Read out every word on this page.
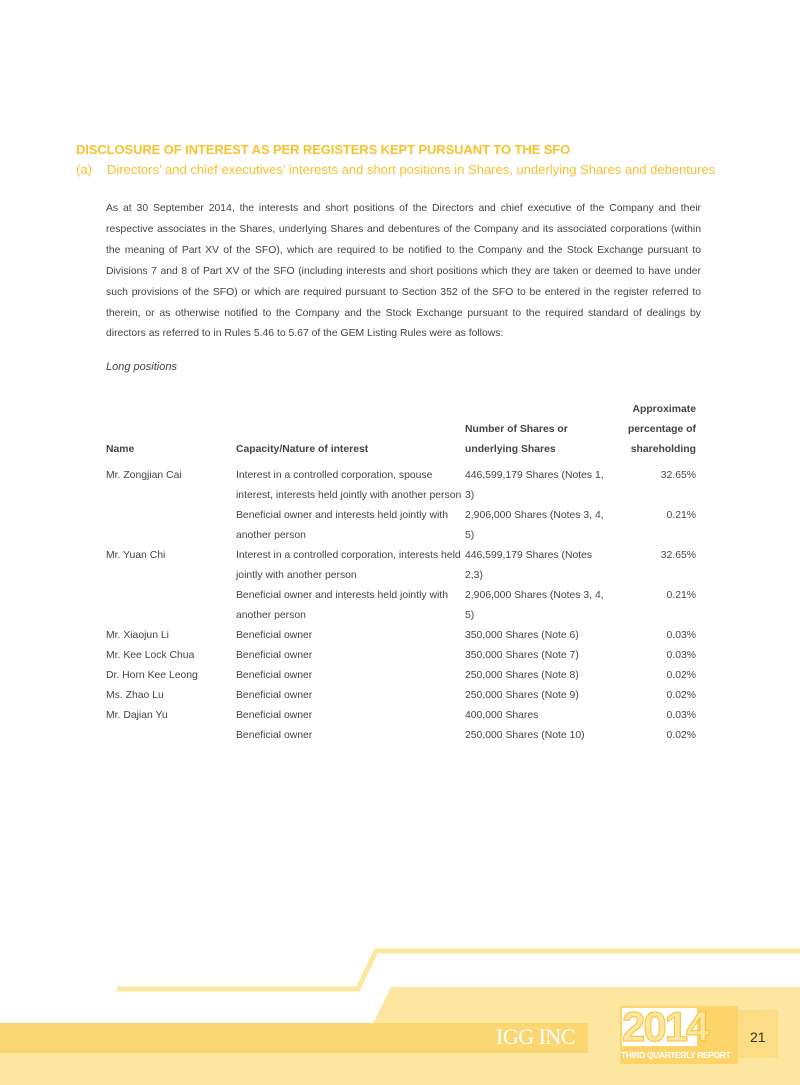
DISCLOSURE OF INTEREST AS PER REGISTERS KEPT PURSUANT TO THE SFO
(a) Directors’ and chief executives’ interests and short positions in Shares, underlying Shares and debentures
As at 30 September 2014, the interests and short positions of the Directors and chief executive of the Company and their respective associates in the Shares, underlying Shares and debentures of the Company and its associated corporations (within the meaning of Part XV of the SFO), which are required to be notified to the Company and the Stock Exchange pursuant to Divisions 7 and 8 of Part XV of the SFO (including interests and short positions which they are taken or deemed to have under such provisions of the SFO) or which are required pursuant to Section 352 of the SFO to be entered in the register referred to therein, or as otherwise notified to the Company and the Stock Exchange pursuant to the required standard of dealings by directors as referred to in Rules 5.46 to 5.67 of the GEM Listing Rules were as follows:
Long positions
Name	Capacity/Nature of interest	Number of Shares or underlying Shares	Approximate percentage of shareholding
Mr. Zongjian Cai	Interest in a controlled corporation, spouse interest, interests held jointly with another person	446,599,179 Shares (Notes 1, 3)	32.65%
	Beneficial owner and interests held jointly with another person	2,906,000 Shares (Notes 3, 4, 5)	0.21%
Mr. Yuan Chi	Interest in a controlled corporation, interests held jointly with another person	446,599,179 Shares (Notes 2,3)	32.65%
	Beneficial owner and interests held jointly with another person	2,906,000 Shares (Notes 3, 4, 5)	0.21%
Mr. Xiaojun Li	Beneficial owner	350,000 Shares (Note 6)	0.03%
Mr. Kee Lock Chua	Beneficial owner	350,000 Shares (Note 7)	0.03%
Dr. Horn Kee Leong	Beneficial owner	250,000 Shares (Note 8)	0.02%
Ms. Zhao Lu	Beneficial owner	250,000 Shares (Note 9)	0.02%
Mr. Dajian Yu	Beneficial owner	400,000 Shares	0.03%
	Beneficial owner	250,000 Shares (Note 10)	0.02%
IGG INC 2014
THIRD QUARTERLY REPORT
21
